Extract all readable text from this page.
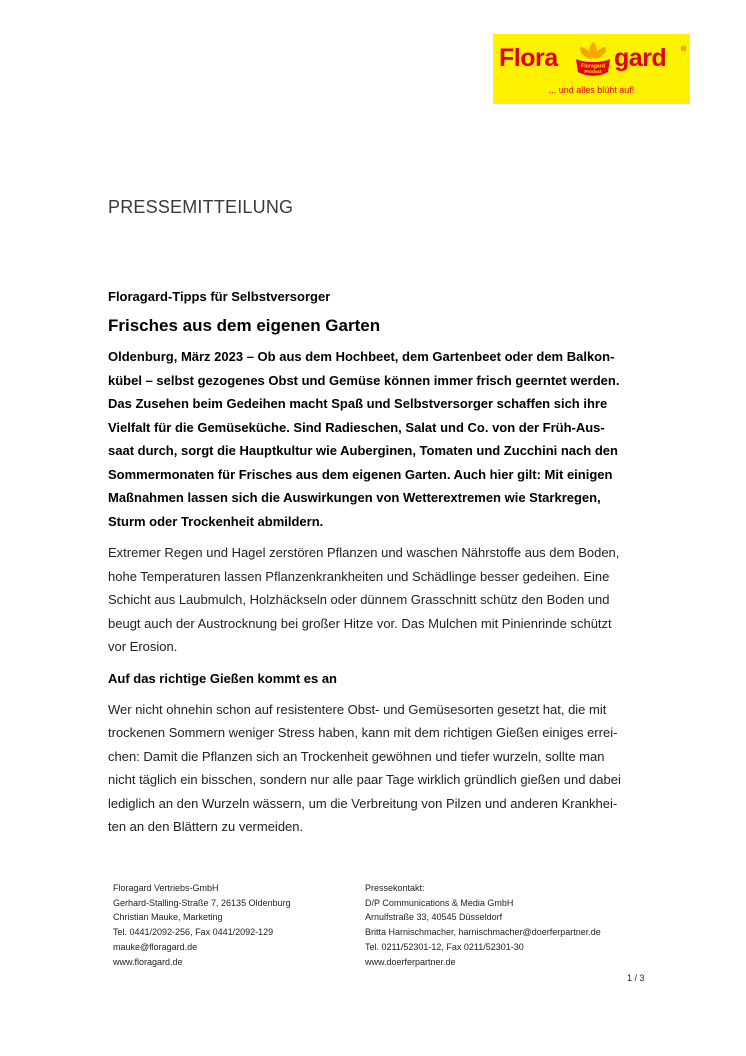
Flora	Floragard
Product gard ®
... und alles blüht auf!
PRESSEMITTEILUNG

Floragard-Tipps für Selbstversorger

Frisches aus dem eigenen Garten

Oldenburg, März 2023 – Ob aus dem Hochbeet, dem Gartenbeet oder dem Balkon-
kübel – selbst gezogenes Obst und Gemüse können immer frisch geerntet werden.
Das Zusehen beim Gedeihen macht Spaß und Selbstversorger schaffen sich ihre
Vielfalt für die Gemüseküche. Sind Radieschen, Salat und Co. von der Früh-Aus-
saat durch, sorgt die Hauptkultur wie Auberginen, Tomaten und Zucchini nach den
Sommermonaten für Frisches aus dem eigenen Garten. Auch hier gilt: Mit einigen
Maßnahmen lassen sich die Auswirkungen von Wetterextremen wie Starkregen,
Sturm oder Trockenheit abmildern.

Extremer Regen und Hagel zerstören Pflanzen und waschen Nährstoffe aus dem Boden,
hohe Temperaturen lassen Pflanzenkrankheiten und Schädlinge besser gedeihen. Eine
Schicht aus Laubmulch, Holzhäckseln oder dünnem Grasschnitt schütz den Boden und
beugt auch der Austrocknung bei großer Hitze vor. Das Mulchen mit Pinienrinde schützt
vor Erosion.

Auf das richtige Gießen kommt es an

Wer nicht ohnehin schon auf resistentere Obst- und Gemüsesorten gesetzt hat, die mit
trockenen Sommern weniger Stress haben, kann mit dem richtigen Gießen einiges errei-
chen: Damit die Pflanzen sich an Trockenheit gewöhnen und tiefer wurzeln, sollte man
nicht täglich ein bisschen, sondern nur alle paar Tage wirklich gründlich gießen und dabei
lediglich an den Wurzeln wässern, um die Verbreitung von Pilzen und anderen Krankhei-
ten an den Blättern zu vermeiden.

Floragard Vertriebs-GmbH
Gerhard-Stalling-Straße 7, 26135 Oldenburg
Christian Mauke, Marketing
Tel. 0441/2092-256, Fax 0441/2092-129
mauke@floragard.de
www.floragard.de
Pressekontakt:
D/P Communications & Media GmbH
Arnulfstraße 33, 40545 Düsseldorf
Britta Harnischmacher, harnischmacher@doerferpartner.de
Tel. 0211/52301-12, Fax 0211/52301-30
www.doerferpartner.de
1 / 3
